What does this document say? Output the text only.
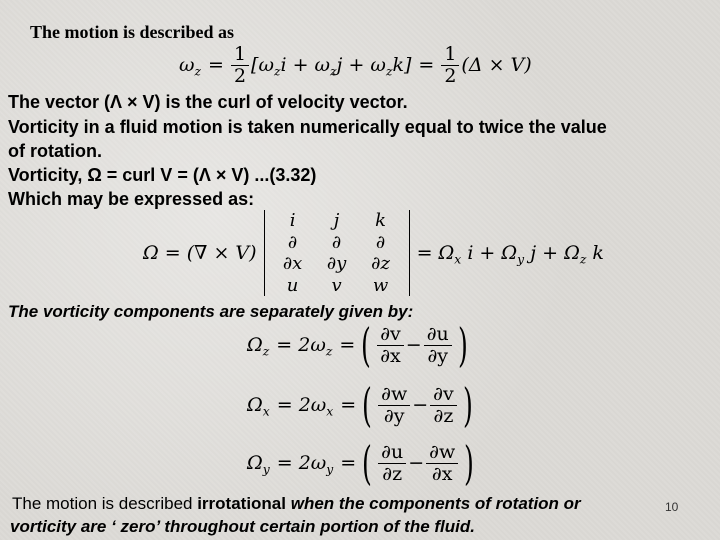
The motion is described as
$\omega_z = \frac{1}{2} [\omega_zi + \omega_zj + \omega_zk] = \frac{1}{2} (\Delta \times V)$
The vector (Λ × V) is the curl of velocity vector.
Vorticity in a fluid motion is taken numerically equal to twice the value
of rotation.
Vorticity, Ω = curl V = (Λ × V) ...(3.32)
Which may be expressed as:
Ω = (∇ × V)
i	j	k
∂	∂	∂
∂x	∂y	∂z
u	v	w
= $\Omega_x$ $i + \Omega_y$ $j + \Omega_z$ k
The vorticity components are separately given by:
$\Omega_z = 2\omega_z$ = ( $\frac{\partial v}{\partial x} - \frac{\partial u}{\partial y}$ )
$\Omega_x = 2\omega_x$ = ( $\frac{\partial w}{\partial y} - \frac{\partial v}{\partial z}$ )
$\Omega_y = 2\omega_y$ = ( $\frac{\partial u}{\partial z} - \frac{\partial w}{\partial x}$ )
The motion is described irrotational when the components of rotation or
vorticity are ‘ zero’ throughout certain portion of the fluid.
10
